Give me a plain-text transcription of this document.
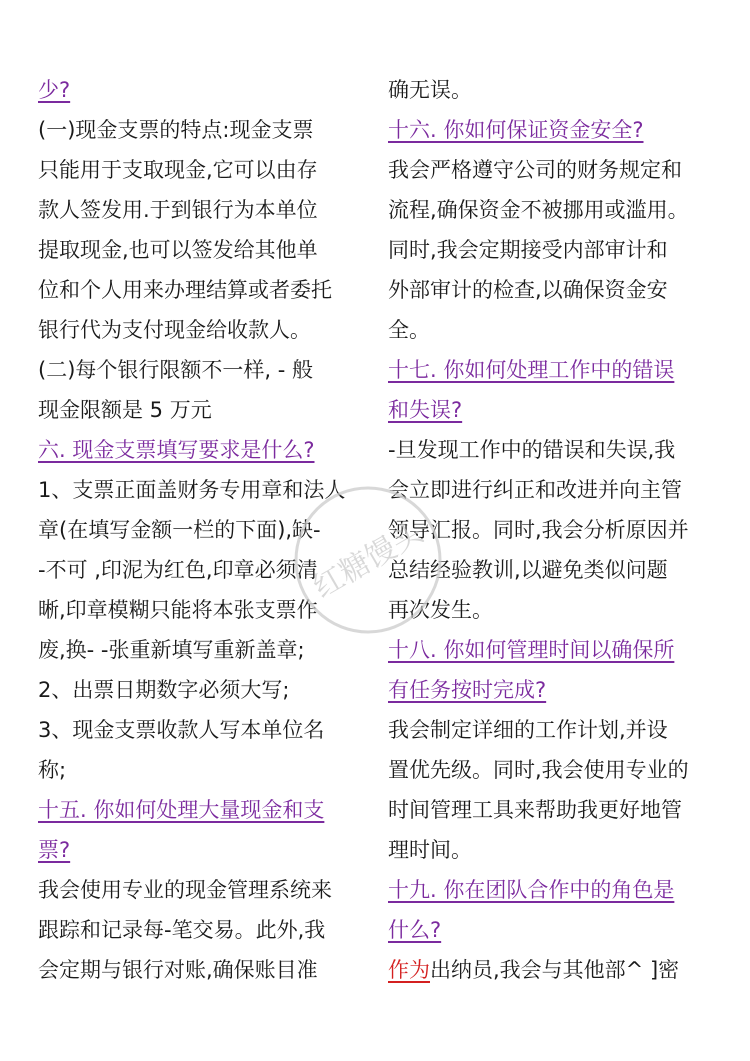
少?
(一)现金支票的特点:现金支票
只能用于支取现金,它可以由存
款人签发用.于到银行为本单位
提取现金,也可以签发给其他单
位和个人用来办理结算或者委托
银行代为支付现金给收款人。
(二)每个银行限额不一样, - 般
现金限额是 5 万元
六. 现金支票填写要求是什么?
1、支票正面盖财务专用章和法人
章(在填写金额一栏的下面),缺-
-不可 ,印泥为红色,印章必须清
晰,印章模糊只能将本张支票作
废,换- -张重新填写重新盖章;
2、出票日期数字必须大写;
3、现金支票收款人写本单位名
称;
十五. 你如何处理大量现金和支
票?
我会使用专业的现金管理系统来
跟踪和记录每-笔交易。此外,我
会定期与银行对账,确保账目准
确无误。
十六. 你如何保证资金安全?
我会严格遵守公司的财务规定和
流程,确保资金不被挪用或滥用。
同时,我会定期接受内部审计和
外部审计的检查,以确保资金安
全。
十七. 你如何处理工作中的错误
和失误?
-旦发现工作中的错误和失误,我
会立即进行纠正和改进并向主管
领导汇报。同时,我会分析原因并
总结经验教训,以避免类似问题
再次发生。
十八. 你如何管理时间以确保所
有任务按时完成?
我会制定详细的工作计划,并设
置优先级。同时,我会使用专业的
时间管理工具来帮助我更好地管
理时间。
十九. 你在团队合作中的角色是
什么?
作为出纳员,我会与其他部^ ]密
红糖馒头
